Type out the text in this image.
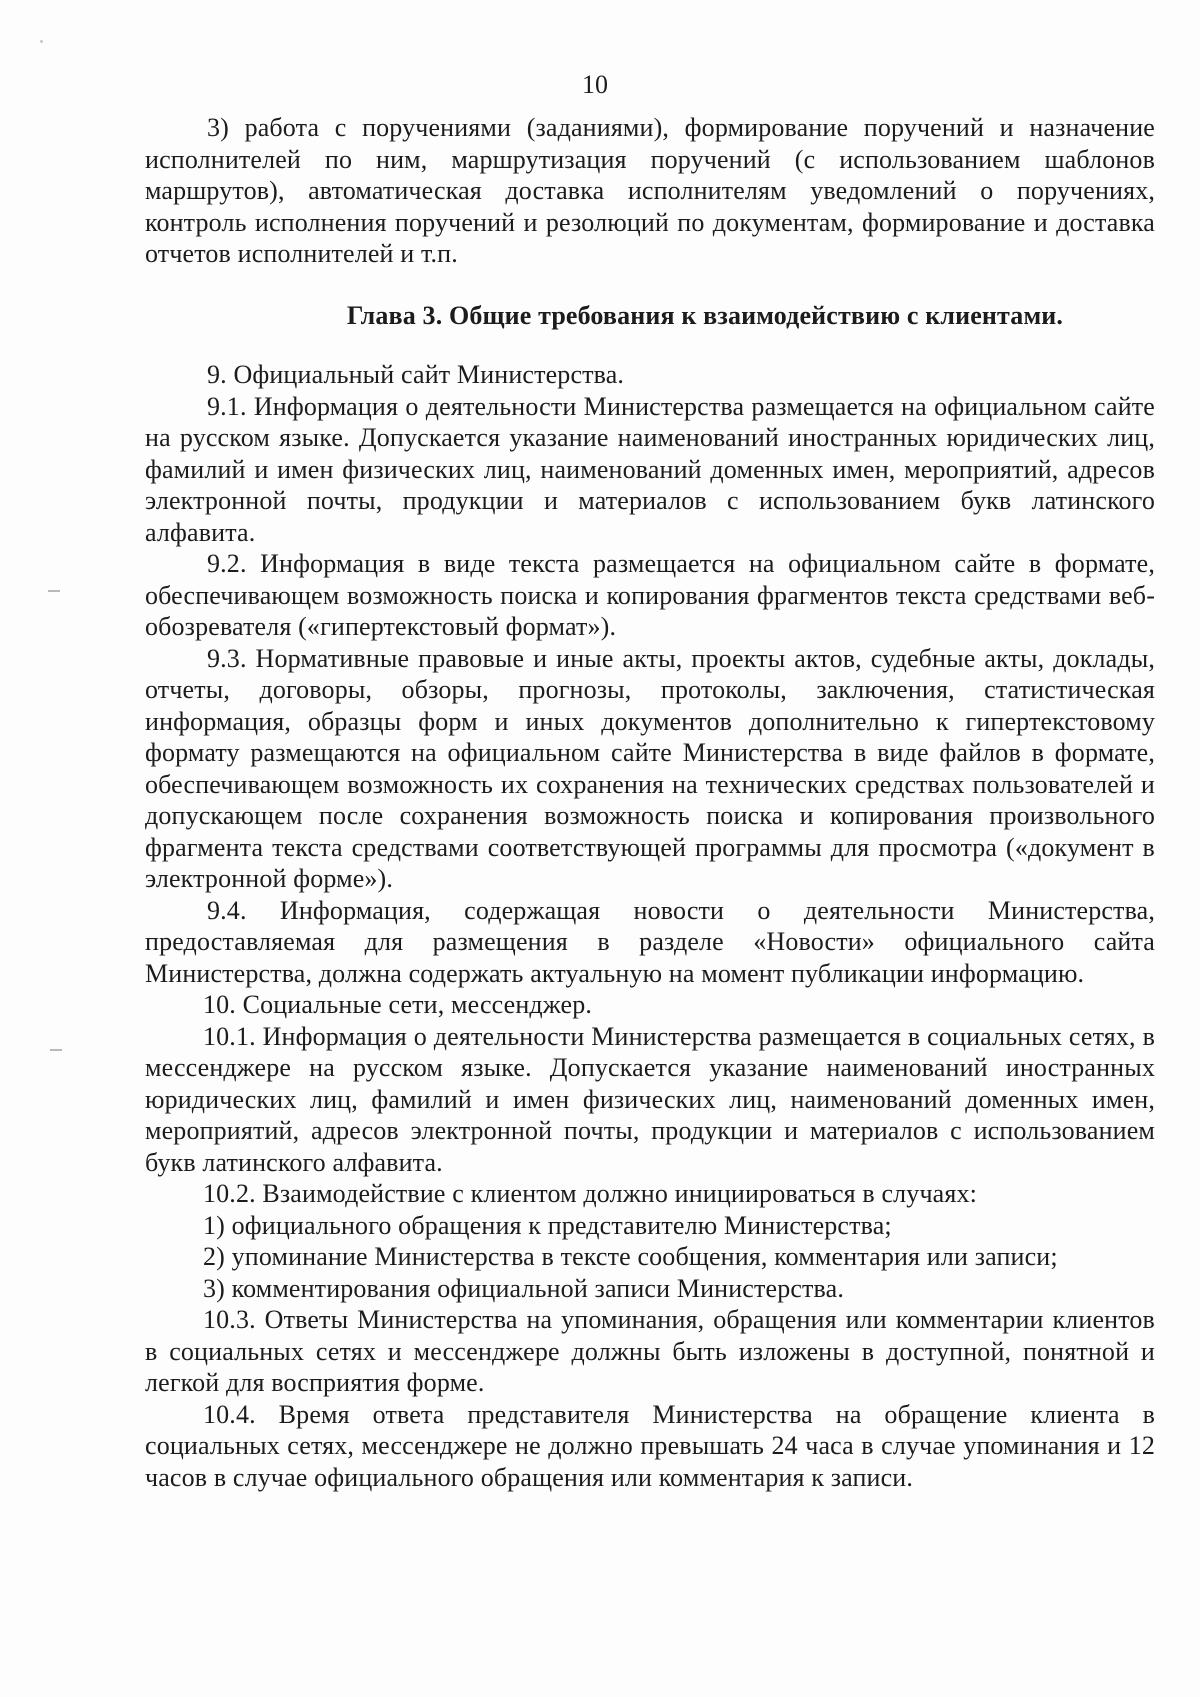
10

3) работа с поручениями (заданиями), формирование поручений и назначение исполнителей по ним, маршрутизация поручений (с использованием шаблонов маршрутов), автоматическая доставка исполнителям уведомлений о поручениях, контроль исполнения поручений и резолюций по документам, формирование и доставка отчетов исполнителей и т.п.

Глава 3. Общие требования к взаимодействию с клиентами.

9. Официальный сайт Министерства.

9.1. Информация о деятельности Министерства размещается на официальном сайте на русском языке. Допускается указание наименований иностранных юридических лиц, фамилий и имен физических лиц, наименований доменных имен, мероприятий, адресов электронной почты, продукции и материалов с использованием букв латинского алфавита.

9.2. Информация в виде текста размещается на официальном сайте в формате, обеспечивающем возможность поиска и копирования фрагментов текста средствами веб-обозревателя («гипертекстовый формат»).

9.3. Нормативные правовые и иные акты, проекты актов, судебные акты, доклады, отчеты, договоры, обзоры, прогнозы, протоколы, заключения, статистическая информация, образцы форм и иных документов дополнительно к гипертекстовому формату размещаются на официальном сайте Министерства в виде файлов в формате, обеспечивающем возможность их сохранения на технических средствах пользователей и допускающем после сохранения возможность поиска и копирования произвольного фрагмента текста средствами соответствующей программы для просмотра («документ в электронной форме»).

9.4. Информация, содержащая новости о деятельности Министерства, предоставляемая для размещения в разделе «Новости» официального сайта Министерства, должна содержать актуальную на момент публикации информацию.

10. Социальные сети, мессенджер.

10.1. Информация о деятельности Министерства размещается в социальных сетях, в мессенджере на русском языке. Допускается указание наименований иностранных юридических лиц, фамилий и имен физических лиц, наименований доменных имен, мероприятий, адресов электронной почты, продукции и материалов с использованием букв латинского алфавита.

10.2. Взаимодействие с клиентом должно инициироваться в случаях:

1) официального обращения к представителю Министерства;

2) упоминание Министерства в тексте сообщения, комментария или записи;

3) комментирования официальной записи Министерства.

10.3. Ответы Министерства на упоминания, обращения или комментарии клиентов в социальных сетях и мессенджере должны быть изложены в доступной, понятной и легкой для восприятия форме.

10.4. Время ответа представителя Министерства на обращение клиента в социальных сетях, мессенджере не должно превышать 24 часа в случае упоминания и 12 часов в случае официального обращения или комментария к записи.
